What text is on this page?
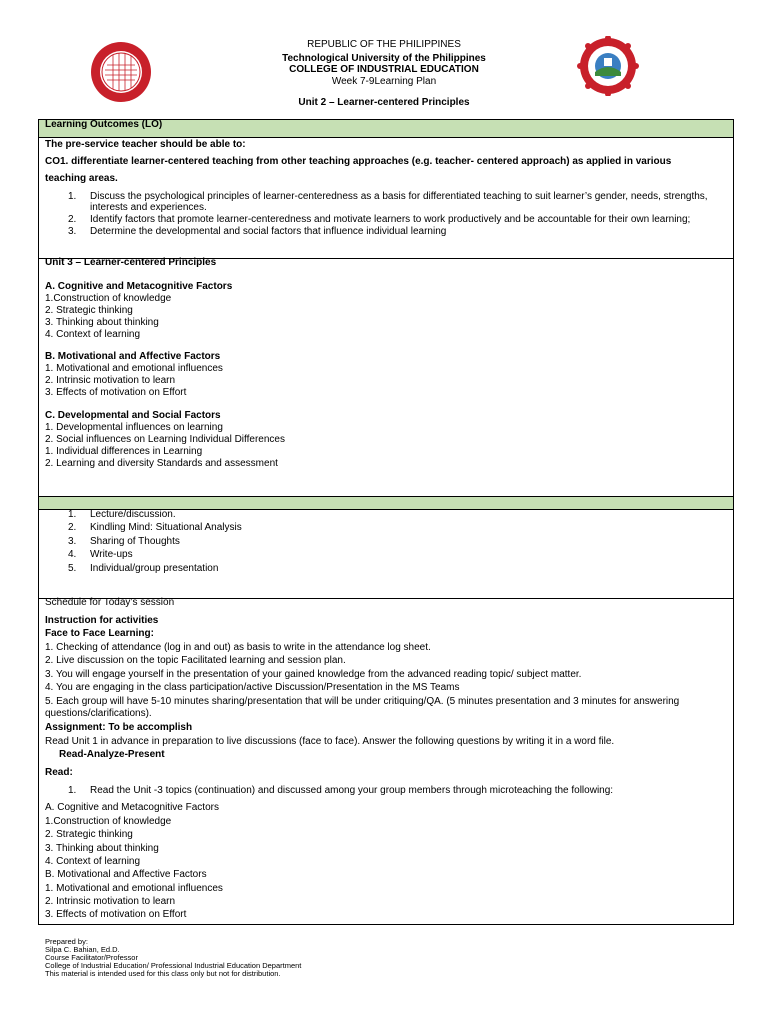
REPUBLIC OF THE PHILIPPINES
Technological University of the Philippines
COLLEGE OF INDUSTRIAL EDUCATION
Week 7-9Learning Plan
Unit 2 – Learner-centered Principles
Learning Outcomes (LO)
The pre-service teacher should be able to:
CO1. differentiate learner-centered teaching from other teaching approaches (e.g. teacher- centered approach) as applied in various
teaching areas.
1. Discuss the psychological principles of learner-centeredness as a basis for differentiated teaching to suit learner’s gender, needs, strengths,
interests and experiences.
2. Identify factors that promote learner-centeredness and motivate learners to work productively and be accountable for their own learning;
3. Determine the developmental and social factors that influence individual learning
Unit 3 – Learner-centered Principles
A. Cognitive and Metacognitive Factors
1.Construction of knowledge
2. Strategic thinking
3. Thinking about thinking
4. Context of learning
B. Motivational and Affective Factors
1. Motivational and emotional influences
2. Intrinsic motivation to learn
3. Effects of motivation on Effort
C. Developmental and Social Factors
1. Developmental influences on learning
2. Social influences on Learning Individual Differences
1. Individual differences in Learning
2. Learning and diversity Standards and assessment
1. Lecture/discussion.
2. Kindling Mind: Situational Analysis
3. Sharing of Thoughts
4. Write-ups
5. Individual/group presentation
Schedule for Today’s session
Instruction for activities
Face to Face Learning:
1. Checking of attendance (log in and out) as basis to write in the attendance log sheet.
2. Live discussion on the topic Facilitated learning and session plan.
3. You will engage yourself in the presentation of your gained knowledge from the advanced reading topic/ subject matter.
4. You are engaging in the class participation/active Discussion/Presentation in the MS Teams
5. Each group will have 5-10 minutes sharing/presentation that will be under critiquing/QA. (5 minutes presentation and 3 minutes for answering
questions/clarifications).
Assignment: To be accomplish
Read Unit 1 in advance in preparation to live discussions (face to face). Answer the following questions by writing it in a word file.
Read-Analyze-Present
Read:
1. Read the Unit -3 topics (continuation) and discussed among your group members through microteaching the following:
A. Cognitive and Metacognitive Factors
1.Construction of knowledge
2. Strategic thinking
3. Thinking about thinking
4. Context of learning
B. Motivational and Affective Factors
1. Motivational and emotional influences
2. Intrinsic motivation to learn
3. Effects of motivation on Effort
Prepared by:
Silpa C. Bahian, Ed.D.
Course Facilitator/Professor
College of Industrial Education/ Professional Industrial Education Department
This material is intended used for this class only but not for distribution.
